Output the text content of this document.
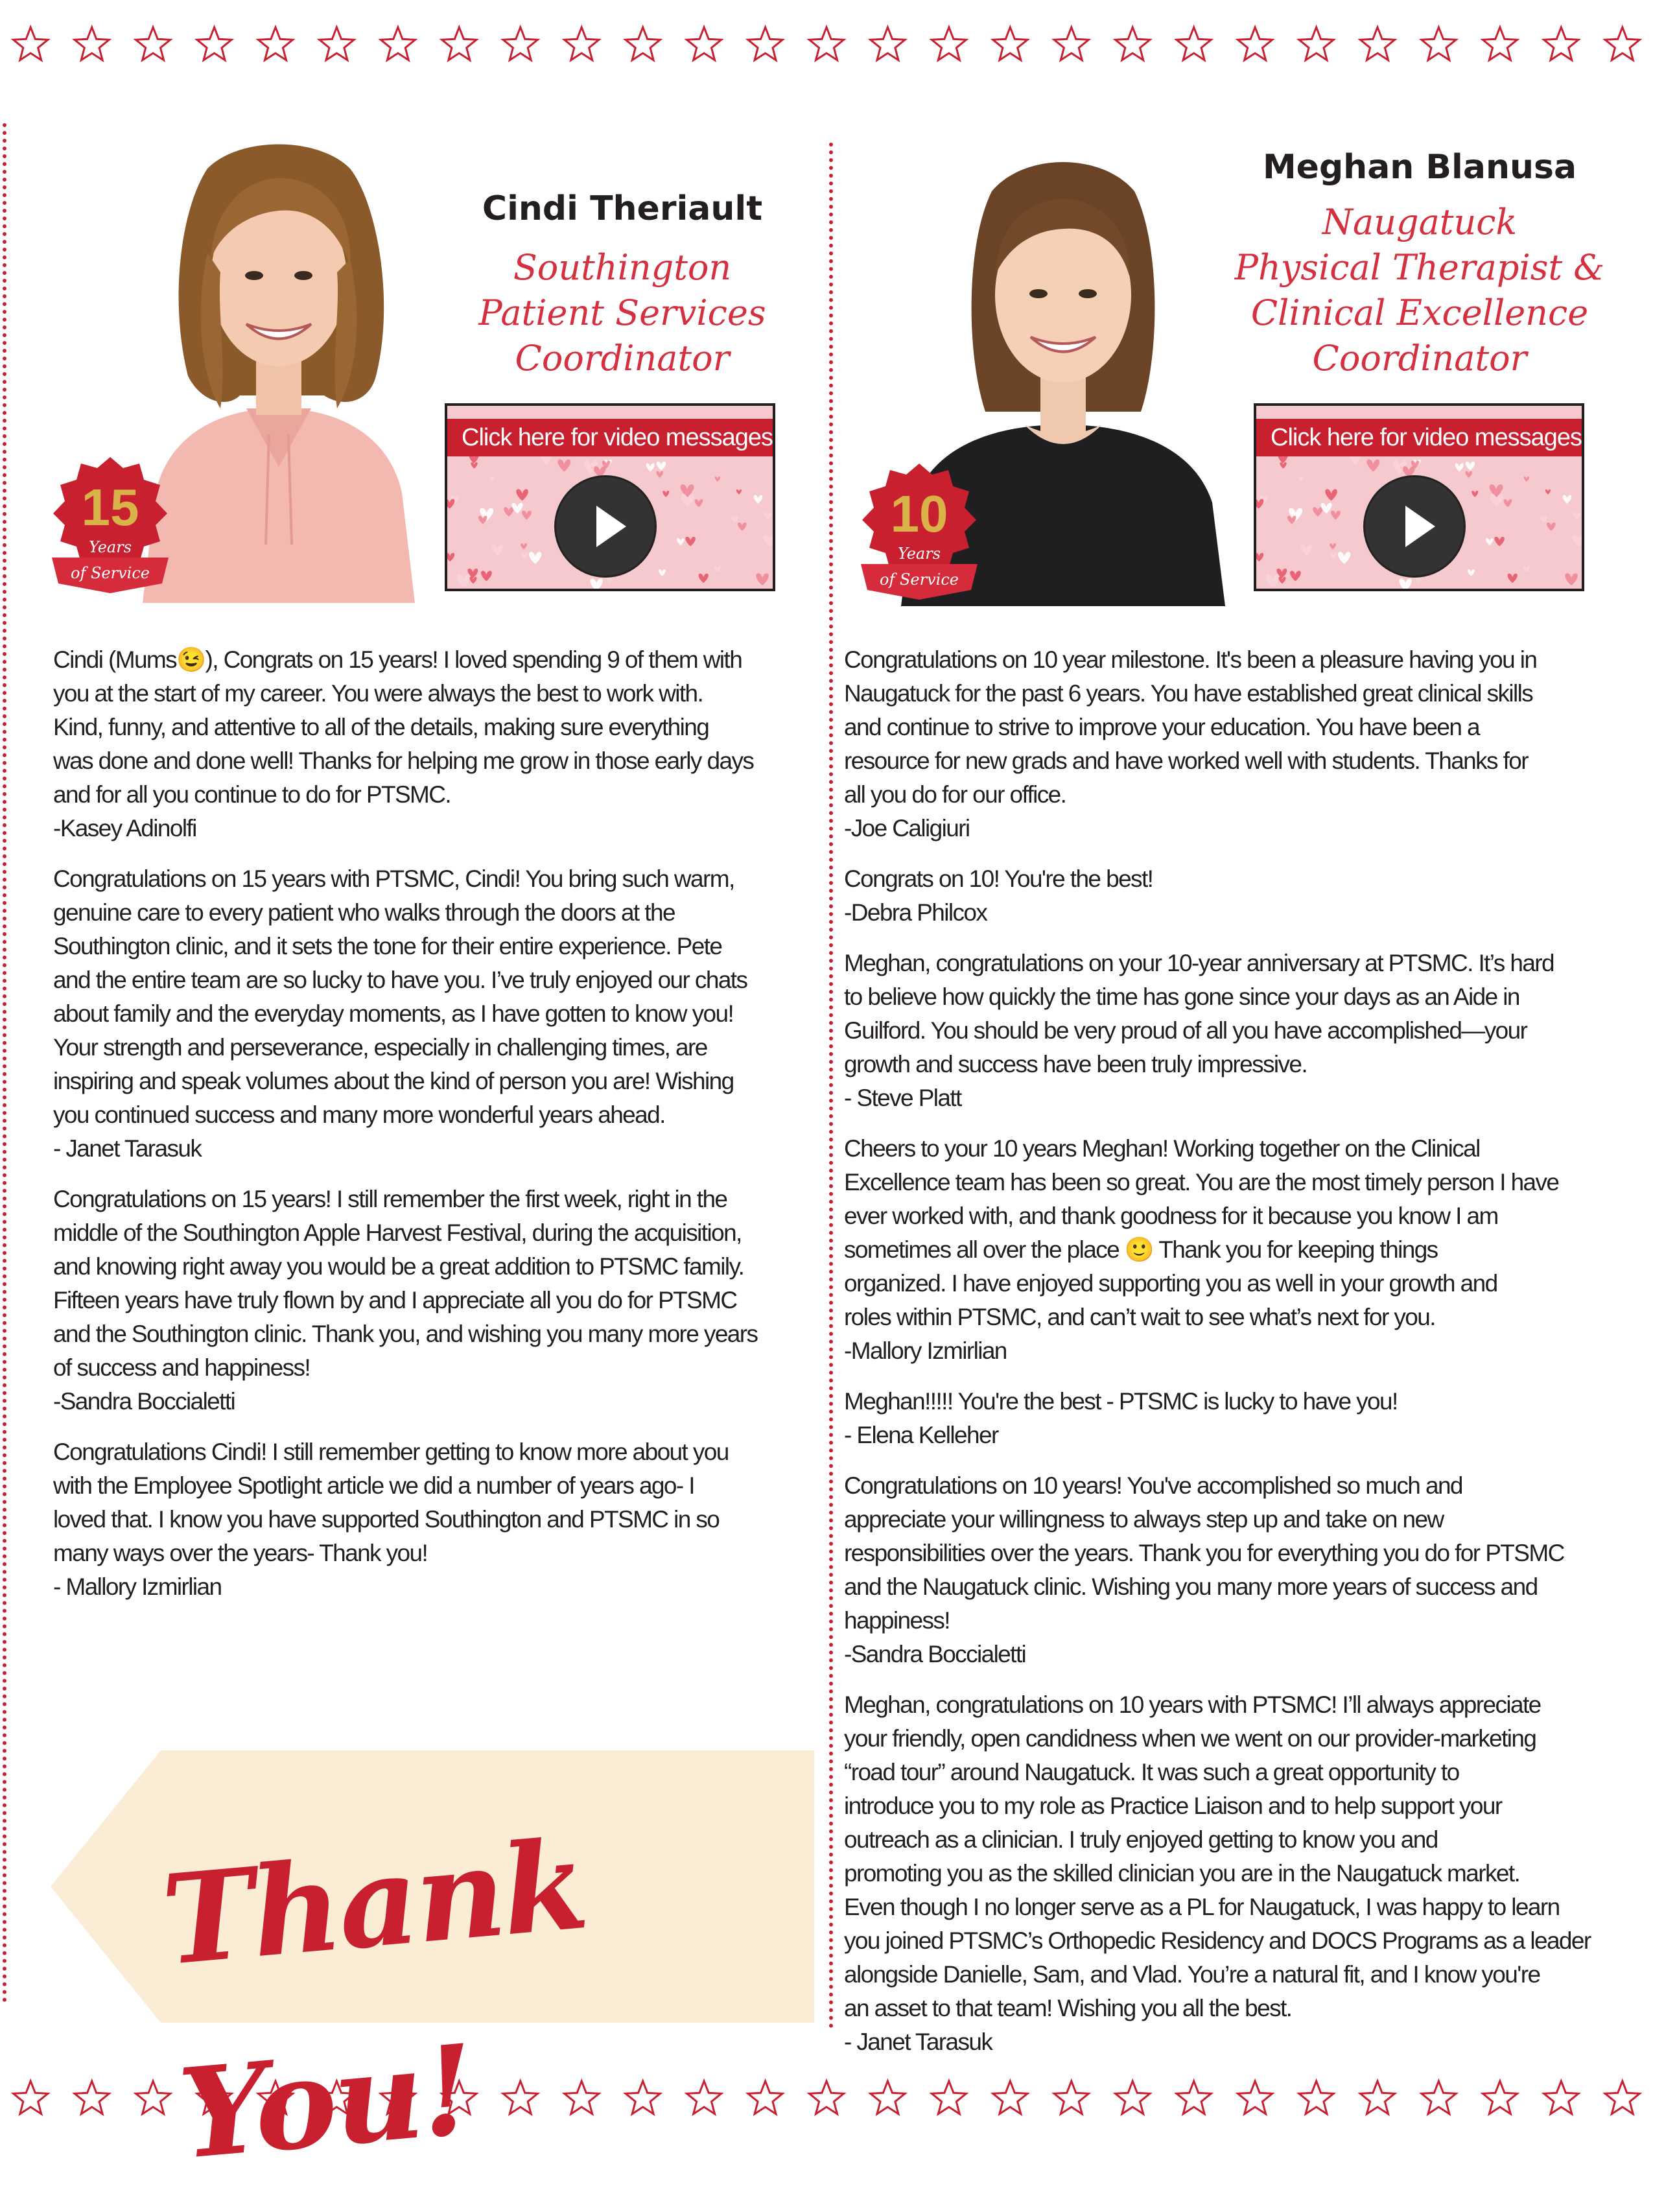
15
Years
of Service
Cindi Theriault
Southington
Patient Services
Coordinator
Click here for video messages
10
Years
of Service
Meghan Blanusa
Naugatuck
Physical Therapist &
Clinical Excellence
Coordinator
Click here for video messages

Cindi (Mums😉), Congrats on 15 years! I loved spending 9 of them with
you at the start of my career. You were always the best to work with.
Kind, funny, and attentive to all of the details, making sure everything
was done and done well! Thanks for helping me grow in those early days
and for all you continue to do for PTSMC.
-Kasey Adinolfi

Congratulations on 15 years with PTSMC, Cindi! You bring such warm,
genuine care to every patient who walks through the doors at the
Southington clinic, and it sets the tone for their entire experience. Pete
and the entire team are so lucky to have you. I’ve truly enjoyed our chats
about family and the everyday moments, as I have gotten to know you!
Your strength and perseverance, especially in challenging times, are
inspiring and speak volumes about the kind of person you are! Wishing
you continued success and many more wonderful years ahead.
- Janet Tarasuk

Congratulations on 15 years! I still remember the first week, right in the
middle of the Southington Apple Harvest Festival, during the acquisition,
and knowing right away you would be a great addition to PTSMC family.
Fifteen years have truly flown by and I appreciate all you do for PTSMC
and the Southington clinic. Thank you, and wishing you many more years
of success and happiness!
-Sandra Boccialetti

Congratulations Cindi! I still remember getting to know more about you
with the Employee Spotlight article we did a number of years ago- I
loved that. I know you have supported Southington and PTSMC in so
many ways over the years- Thank you!
- Mallory Izmirlian

Congratulations on 10 year milestone. It's been a pleasure having you in
Naugatuck for the past 6 years. You have established great clinical skills
and continue to strive to improve your education. You have been a
resource for new grads and have worked well with students. Thanks for
all you do for our office.
-Joe Caligiuri

Congrats on 10! You're the best!
-Debra Philcox

Meghan, congratulations on your 10-year anniversary at PTSMC. It’s hard
to believe how quickly the time has gone since your days as an Aide in
Guilford. You should be very proud of all you have accomplished—your
growth and success have been truly impressive.
- Steve Platt

Cheers to your 10 years Meghan! Working together on the Clinical
Excellence team has been so great. You are the most timely person I have
ever worked with, and thank goodness for it because you know I am
sometimes all over the place 🙂 Thank you for keeping things
organized. I have enjoyed supporting you as well in your growth and
roles within PTSMC, and can’t wait to see what’s next for you.
-Mallory Izmirlian

Meghan!!!!! You're the best - PTSMC is lucky to have you!
- Elena Kelleher

Congratulations on 10 years! You've accomplished so much and
appreciate your willingness to always step up and take on new
responsibilities over the years. Thank you for everything you do for PTSMC
and the Naugatuck clinic. Wishing you many more years of success and
happiness!
-Sandra Boccialetti

Meghan, congratulations on 10 years with PTSMC! I’ll always appreciate
your friendly, open candidness when we went on our provider-marketing
“road tour” around Naugatuck. It was such a great opportunity to
introduce you to my role as Practice Liaison and to help support your
outreach as a clinician. I truly enjoyed getting to know you and
promoting you as the skilled clinician you are in the Naugatuck market.
Even though I no longer serve as a PL for Naugatuck, I was happy to learn
you joined PTSMC’s Orthopedic Residency and DOCS Programs as a leader
alongside Danielle, Sam, and Vlad. You’re a natural fit, and I know you're
an asset to that team! Wishing you all the best.
- Janet Tarasuk

Thank You!
